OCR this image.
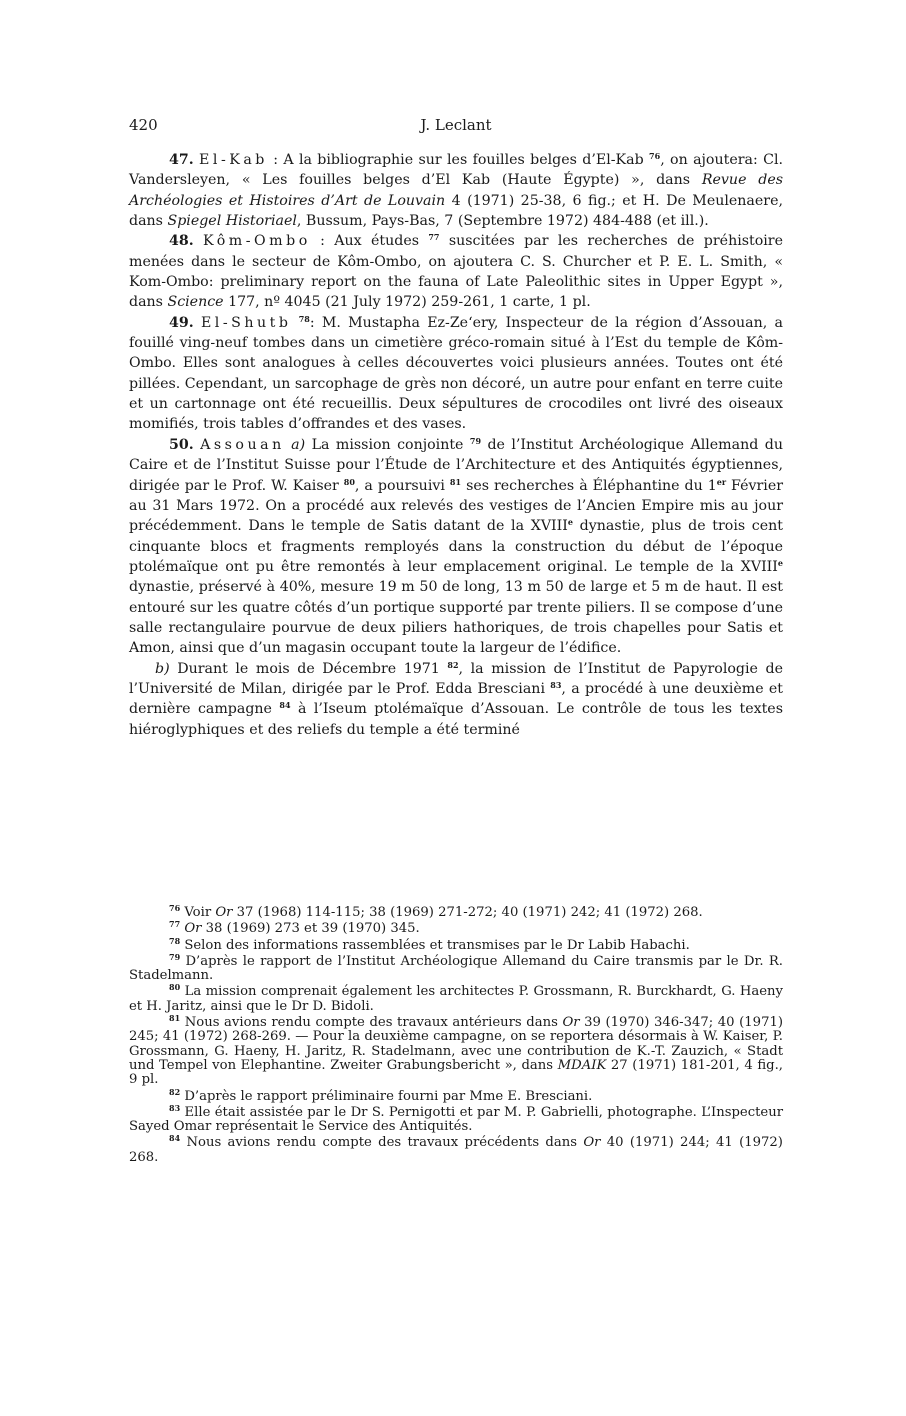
420	J. Leclant

47. El-Kab : A la bibliographie sur les fouilles belges d’El-Kab $^{76}$, on ajoutera: Cl. Vandersleyen, « Les fouilles belges d’El Kab (Haute Égypte) », dans Revue des Archéologies et Histoires d’Art de Louvain 4 (1971) 25-38, 6 fig.; et H. De Meulenaere, dans Spiegel Historiael, Bussum, Pays-Bas, 7 (Septembre 1972) 484-488 (et ill.).

48. Kôm-Ombo : Aux études $^{77}$ suscitées par les recherches de préhistoire menées dans le secteur de Kôm-Ombo, on ajoutera C. S. Churcher et P. E. L. Smith, « Kom-Ombo: preliminary report on the fauna of Late Paleolithic sites in Upper Egypt », dans Science 177, nº 4045 (21 July 1972) 259-261, 1 carte, 1 pl.

49. El-Shutb $^{78}$: M. Mustapha Ez-Ze‘ery, Inspecteur de la région d’Assouan, a fouillé ving-neuf tombes dans un cimetière gréco-romain situé à l’Est du temple de Kôm-Ombo. Elles sont analogues à celles découvertes voici plusieurs années. Toutes ont été pillées. Cependant, un sarcophage de grès non décoré, un autre pour enfant en terre cuite et un cartonnage ont été recueillis. Deux sépultures de crocodiles ont livré des oiseaux momifiés, trois tables d’offrandes et des vases.

50. Assouan a) La mission conjointe $^{79}$ de l’Institut Archéologique Allemand du Caire et de l’Institut Suisse pour l’Étude de l’Architecture et des Antiquités égyptiennes, dirigée par le Prof. W. Kaiser $^{80}$, a poursuivi $^{81}$ ses recherches à Éléphantine du 1er Février au 31 Mars 1972. On a procédé aux relevés des vestiges de l’Ancien Empire mis au jour précédemment. Dans le temple de Satis datant de la XVIIIe dynastie, plus de trois cent cinquante blocs et fragments remployés dans la construction du début de l’époque ptolémaïque ont pu être remontés à leur emplacement original. Le temple de la XVIIIe dynastie, préservé à 40%, mesure 19 m 50 de long, 13 m 50 de large et 5 m de haut. Il est entouré sur les quatre côtés d’un portique supporté par trente piliers. Il se compose d’une salle rectangulaire pourvue de deux piliers hathoriques, de trois chapelles pour Satis et Amon, ainsi que d’un magasin occupant toute la largeur de l’édifice.

b) Durant le mois de Décembre 1971 $^{82}$, la mission de l’Institut de Papyrologie de l’Université de Milan, dirigée par le Prof. Edda Bresciani $^{83}$, a procédé à une deuxième et dernière campagne $^{84}$ à l’Iseum ptolémaïque d’Assouan. Le contrôle de tous les textes hiéroglyphiques et des reliefs du temple a été terminé

$^{76}$ Voir Or 37 (1968) 114-115; 38 (1969) 271-272; 40 (1971) 242; 41 (1972) 268.

$^{77}$ Or 38 (1969) 273 et 39 (1970) 345.

$^{78}$ Selon des informations rassemblées et transmises par le Dr Labib Habachi.

$^{79}$ D’après le rapport de l’Institut Archéologique Allemand du Caire transmis par le Dr. R. Stadelmann.

$^{80}$ La mission comprenait également les architectes P. Grossmann, R. Burckhardt, G. Haeny et H. Jaritz, ainsi que le Dr D. Bidoli.

$^{81}$ Nous avions rendu compte des travaux antérieurs dans Or 39 (1970) 346-347; 40 (1971) 245; 41 (1972) 268-269. — Pour la deuxième campagne, on se reportera désormais à W. Kaiser, P. Grossmann, G. Haeny, H. Jaritz, R. Stadelmann, avec une contribution de K.-T. Zauzich, « Stadt und Tempel von Elephantine. Zweiter Grabungsbericht », dans MDAIK 27 (1971) 181-201, 4 fig., 9 pl.

$^{82}$ D’après le rapport préliminaire fourni par Mme E. Bresciani.

$^{83}$ Elle était assistée par le Dr S. Pernigotti et par M. P. Gabrielli, photographe. L’Inspecteur Sayed Omar représentait le Service des Antiquités.

$^{84}$ Nous avions rendu compte des travaux précédents dans Or 40 (1971) 244; 41 (1972) 268.
